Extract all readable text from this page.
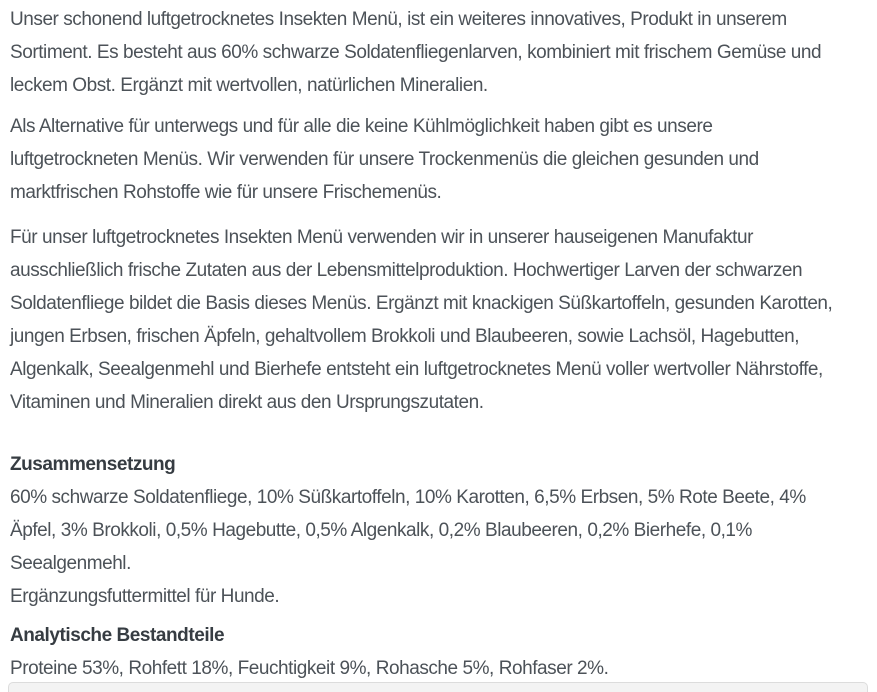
Unser schonend luftgetrocknetes Insekten Menü, ist ein weiteres innovatives, Produkt in unserem Sortiment. Es besteht aus 60% schwarze Soldatenfliegenlarven, kombiniert mit frischem Gemüse und leckem Obst. Ergänzt mit wertvollen, natürlichen Mineralien.

Als Alternative für unterwegs und für alle die keine Kühlmöglichkeit haben gibt es unsere luftgetrockneten Menüs. Wir verwenden für unsere Trockenmenüs die gleichen gesunden und marktfrischen Rohstoffe wie für unsere Frischemenüs.

Für unser luftgetrocknetes Insekten Menü verwenden wir in unserer hauseigenen Manufaktur ausschließlich frische Zutaten aus der Lebensmittelproduktion. Hochwertiger Larven der schwarzen Soldatenfliege bildet die Basis dieses Menüs. Ergänzt mit knackigen Süßkartoffeln, gesunden Karotten, jungen Erbsen, frischen Äpfeln, gehaltvollem Brokkoli und Blaubeeren, sowie Lachsöl, Hagebutten, Algenkalk, Seealgenmehl und Bierhefe entsteht ein luftgetrocknetes Menü voller wertvoller Nährstoffe, Vitaminen und Mineralien direkt aus den Ursprungszutaten.

Zusammensetzung

60% schwarze Soldatenfliege, 10% Süßkartoffeln, 10% Karotten, 6,5% Erbsen, 5% Rote Beete, 4% Äpfel, 3% Brokkoli, 0,5% Hagebutte, 0,5% Algenkalk, 0,2% Blaubeeren, 0,2% Bierhefe, 0,1% Seealgenmehl.
Ergänzungsfuttermittel für Hunde.

Analytische Bestandteile

Proteine 53%, Rohfett 18%, Feuchtigkeit 9%, Rohasche 5%, Rohfaser 2%.
